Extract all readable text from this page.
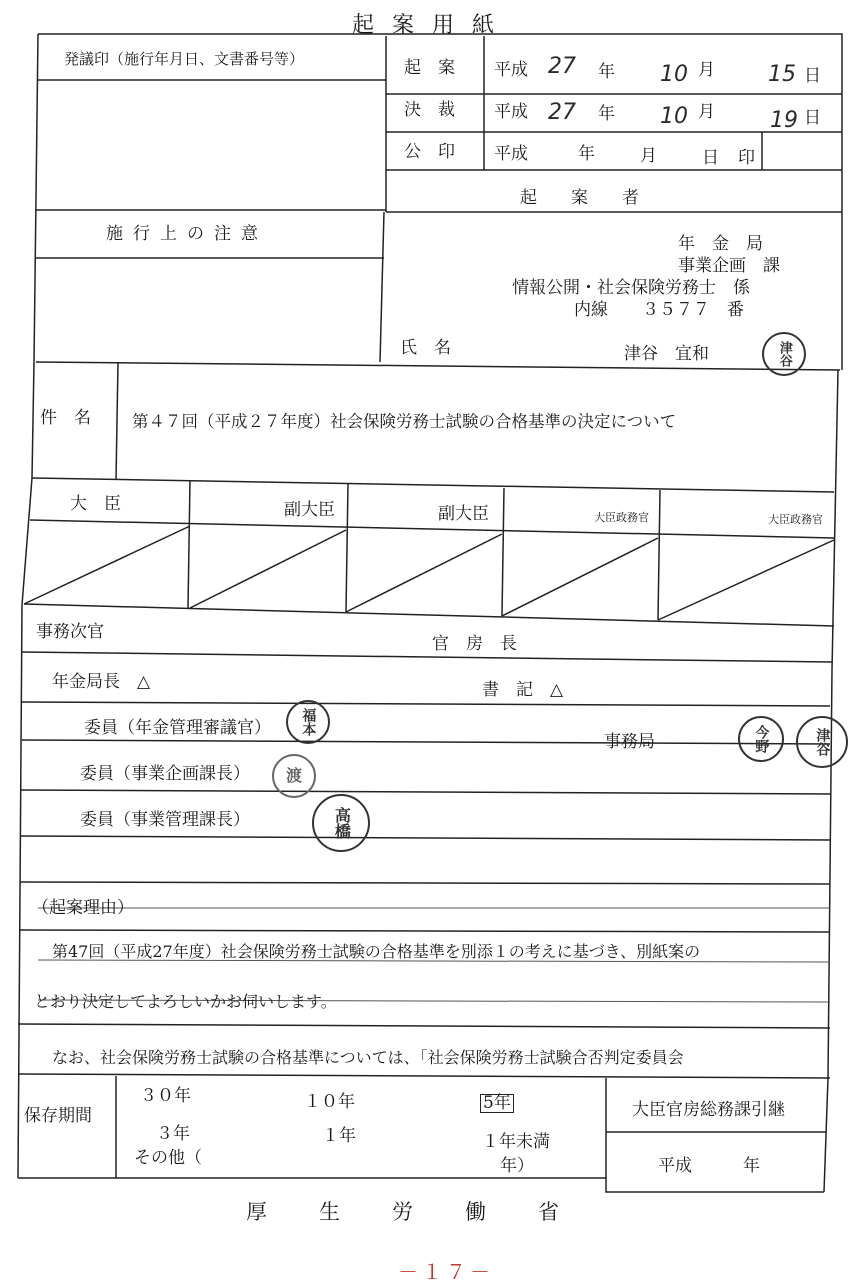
起案用紙
発議印（施行年月日、文書番号等）	起　案 平成 27 年 10 月 15 日
決　裁 平成 27 年 10 月	19 日
公　印 平成	年	月	日 印
起　　案　　者
施行上の注意	年　金　局
事業企画　課
情報公開・社会保険労務士　係
内線　　３５７７　番
氏　名	津谷　宜和	津谷
件　名 第４７回（平成２７年度）社会保険労務士試験の合格基準の決定について
大　臣	副大臣	副大臣	大臣政務官	大臣政務官
事務次官
官　房　長
年金局長　△	書　記　△
委員（年金管理審議官） 福本
事務局	今野	津谷
委員（事業企画課長） 渡
委員（事業管理課長）	高橋
（起案理由）
第47回（平成27年度）社会保険労務士試験の合格基準を別添１の考えに基づき、別紙案の
とおり決定してよろしいかお伺いします。
なお、社会保険労務士試験の合格基準については、「社会保険労務士試験合否判定委員会
保存期間
３０年	１０年	5年
３年	１年	１年未満
その他（	年）
大臣官房総務課引継
平成　　　年
厚生労働省
－１７－
